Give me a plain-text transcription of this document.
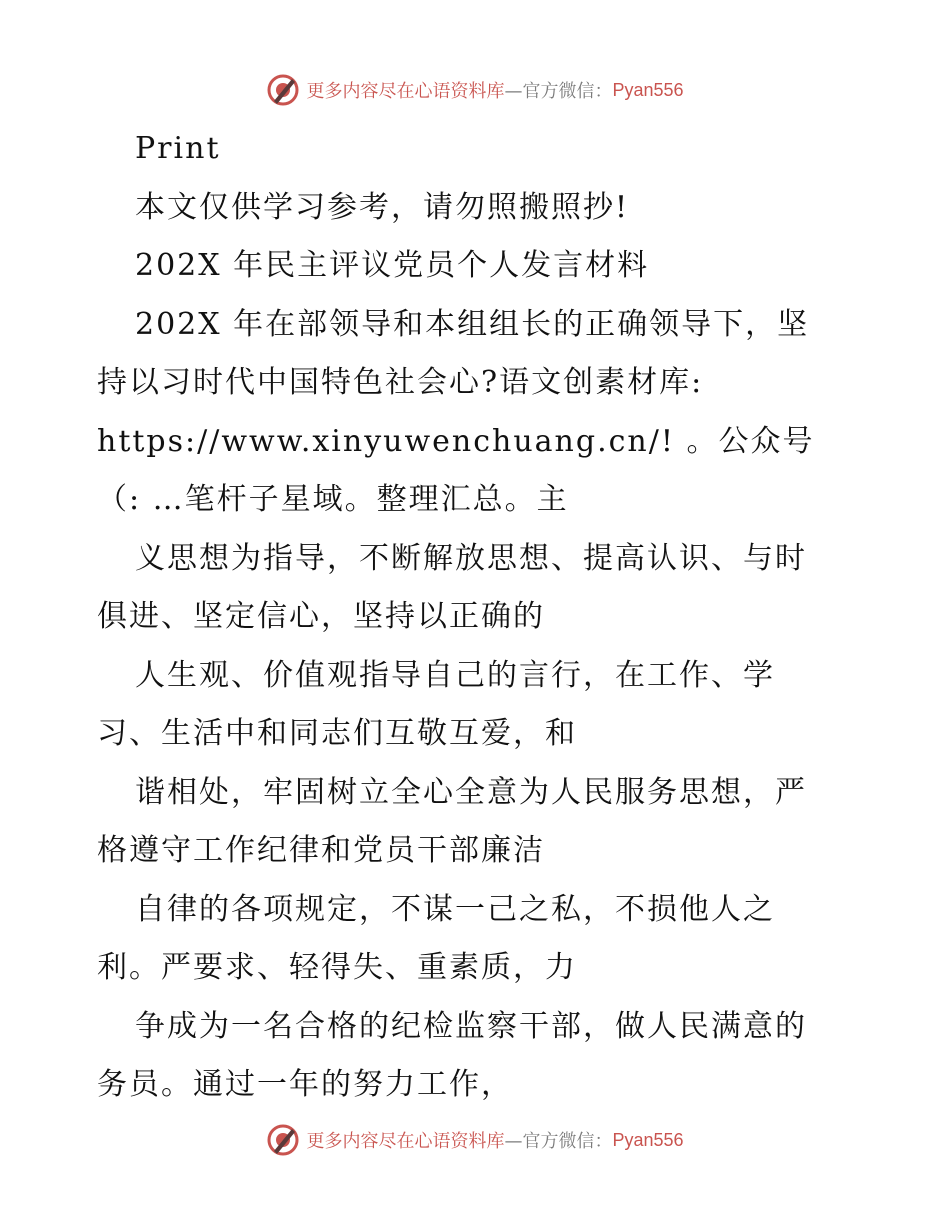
更多内容尽在心语资料库 —官方微信： Pyan556
Print
本文仅供学习参考，请勿照搬照抄!
202X 年民主评议党员个人发言材料
202X 年在部领导和本组组长的正确领导下，坚
持以习时代中国特色社会心?语文创素材库:
https://www.xinyuwenchuang.cn/! 。公众号
（: …笔杆子星域。整理汇总。主
义思想为指导，不断解放思想、提高认识、与时
俱进、坚定信心，坚持以正确的
人生观、价值观指导自己的言行，在工作、学
习、生活中和同志们互敬互爱，和
谐相处，牢固树立全心全意为人民服务思想，严
格遵守工作纪律和党员干部廉洁
自律的各项规定，不谋一己之私，不损他人之
利。严要求、轻得失、重素质，力
争成为一名合格的纪检监察干部，做人民满意的
务员。通过一年的努力工作，
更多内容尽在心语资料库 —官方微信： Pyan556
